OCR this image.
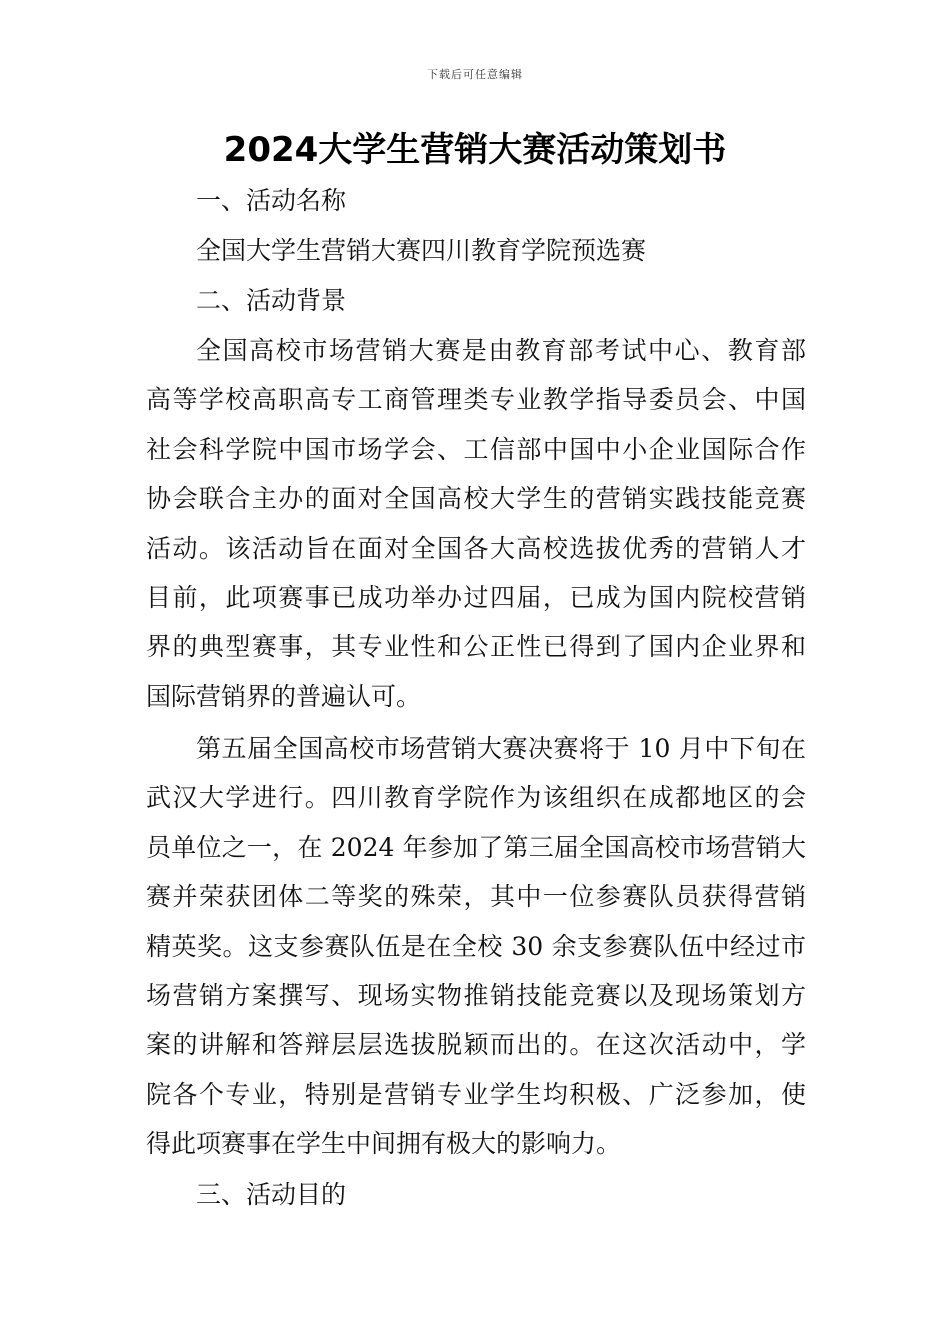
下载后可任意编辑
2024大学生营销大赛活动策划书

一、活动名称

全国大学生营销大赛四川教育学院预选赛

二、活动背景

全国高校市场营销大赛是由教育部考试中心、教育部
高等学校高职高专工商管理类专业教学指导委员会、中国
社会科学院中国市场学会、工信部中国中小企业国际合作
协会联合主办的面对全国高校大学生的营销实践技能竞赛
活动。该活动旨在面对全国各大高校选拔优秀的营销人才
目前，此项赛事已成功举办过四届，已成为国内院校营销
界的典型赛事，其专业性和公正性已得到了国内企业界和
国际营销界的普遍认可。
第五届全国高校市场营销大赛决赛将于 10 月中下旬在
武汉大学进行。四川教育学院作为该组织在成都地区的会
员单位之一，在 2024 年参加了第三届全国高校市场营销大
赛并荣获团体二等奖的殊荣，其中一位参赛队员获得营销
精英奖。这支参赛队伍是在全校 30 余支参赛队伍中经过市
场营销方案撰写、现场实物推销技能竞赛以及现场策划方
案的讲解和答辩层层选拔脱颖而出的。在这次活动中，学
院各个专业，特别是营销专业学生均积极、广泛参加，使
得此项赛事在学生中间拥有极大的影响力。

三、活动目的
